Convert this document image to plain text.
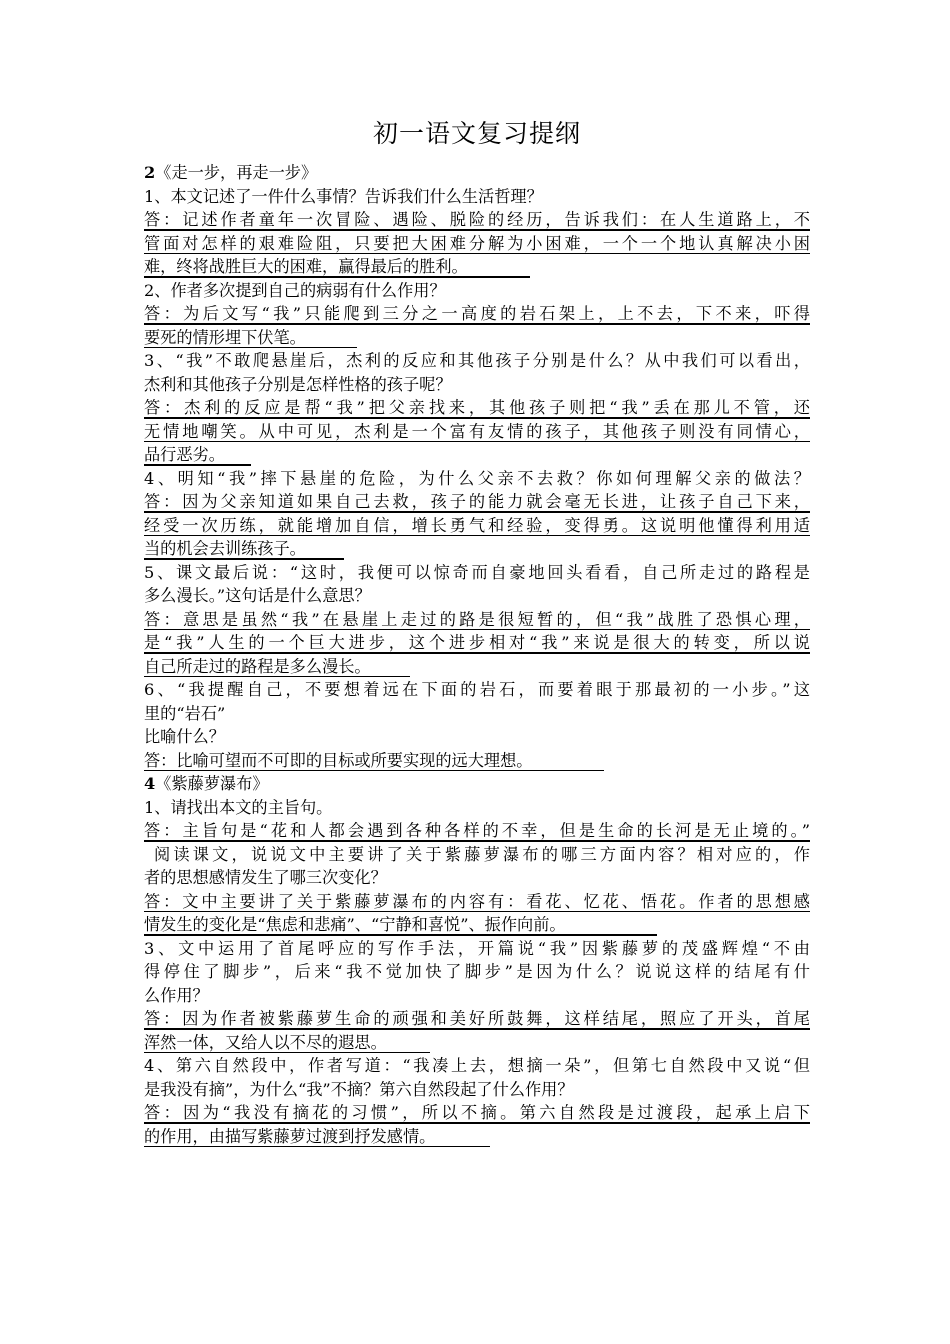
初一语文复习提纲
2《走一步，再走一步》
1、本文记述了一件什么事情？告诉我们什么生活哲理？
答：记述作者童年一次冒险、遇险、脱险的经历，告诉我们：在人生道路上，不
管面对怎样的艰难险阻，只要把大困难分解为小困难，一个一个地认真解决小困
难，终将战胜巨大的困难，赢得最后的胜利。
2、作者多次提到自己的病弱有什么作用？
答：为后文写“我”只能爬到三分之一高度的岩石架上，上不去，下不来，吓得
要死的情形埋下伏笔。
3、“我”不敢爬悬崖后，杰利的反应和其他孩子分别是什么？从中我们可以看出，
杰利和其他孩子分别是怎样性格的孩子呢？
答：杰利的反应是帮“我”把父亲找来，其他孩子则把“我”丢在那儿不管，还
无情地嘲笑。从中可见，杰利是一个富有友情的孩子，其他孩子则没有同情心，
品行恶劣。
4、明知“我”摔下悬崖的危险，为什么父亲不去救？你如何理解父亲的做法？
答：因为父亲知道如果自己去救，孩子的能力就会毫无长进，让孩子自己下来，
经受一次历练，就能增加自信，增长勇气和经验，变得勇。这说明他懂得利用适
当的机会去训练孩子。
5、课文最后说：“这时，我便可以惊奇而自豪地回头看看，自己所走过的路程是
多么漫长。”这句话是什么意思？
答：意思是虽然“我”在悬崖上走过的路是很短暂的，但“我”战胜了恐惧心理，
是“我”人生的一个巨大进步，这个进步相对“我”来说是很大的转变，所以说
自己所走过的路程是多么漫长。
6、“我提醒自己，不要想着远在下面的岩石，而要着眼于那最初的一小步。”这
里的“岩石”
比喻什么？
答：比喻可望而不可即的目标或所要实现的远大理想。
4《紫藤萝瀑布》
1、请找出本文的主旨句。
答：主旨句是“花和人都会遇到各种各样的不幸，但是生命的长河是无止境的。”
阅读课文，说说文中主要讲了关于紫藤萝瀑布的哪三方面内容？相对应的，作
者的思想感情发生了哪三次变化？
答：文中主要讲了关于紫藤萝瀑布的内容有：看花、忆花、悟花。作者的思想感
情发生的变化是“焦虑和悲痛”、“宁静和喜悦”、振作向前。
3、文中运用了首尾呼应的写作手法，开篇说“我”因紫藤萝的茂盛辉煌“不由
得停住了脚步”，后来“我不觉加快了脚步”是因为什么？说说这样的结尾有什
么作用？
答：因为作者被紫藤萝生命的顽强和美好所鼓舞，这样结尾，照应了开头，首尾
浑然一体，又给人以不尽的遐思。
4、第六自然段中，作者写道：“我凑上去，想摘一朵”，但第七自然段中又说“但
是我没有摘”，为什么“我”不摘？第六自然段起了什么作用？
答：因为“我没有摘花的习惯”，所以不摘。第六自然段是过渡段，起承上启下
的作用，由描写紫藤萝过渡到抒发感情。
